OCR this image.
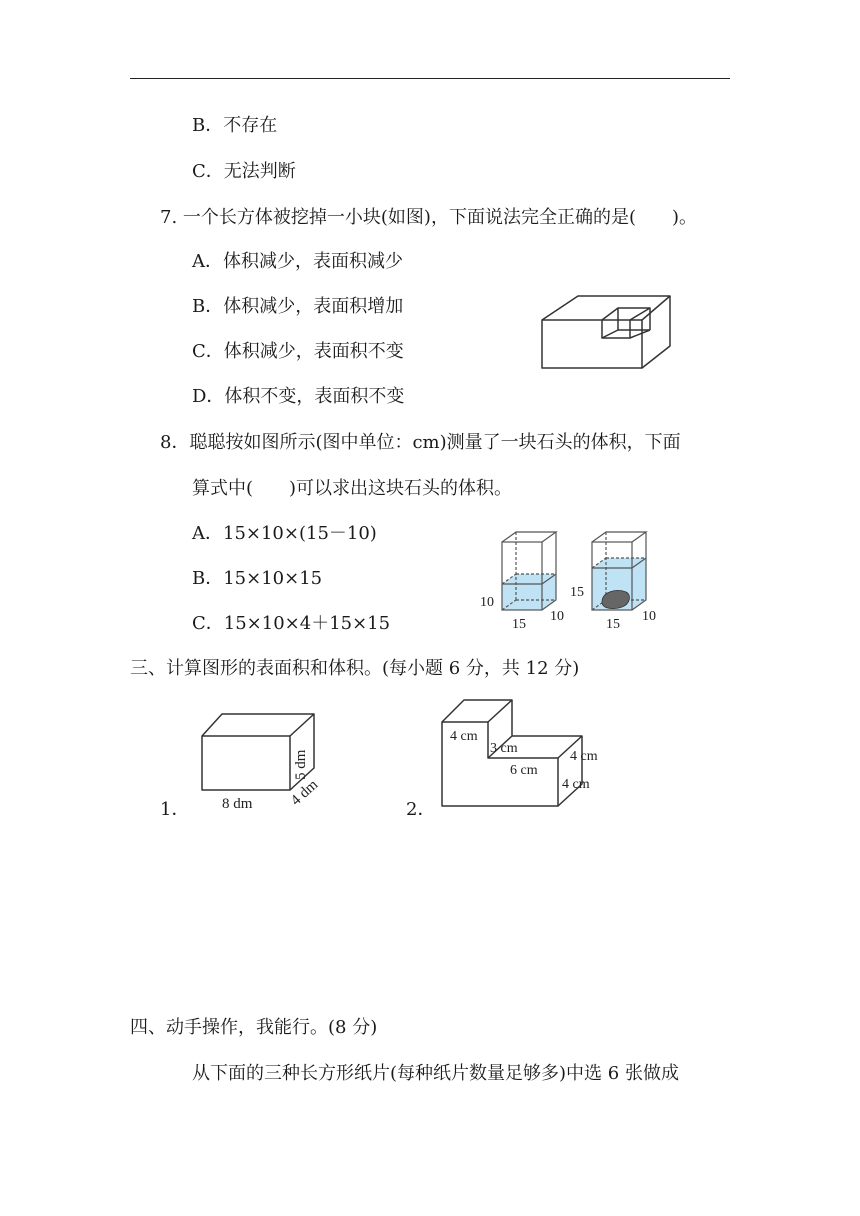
B．不存在
C．无法判断
7. 一个长方体被挖掉一小块(如图)，下面说法完全正确的是(　　)。
A．体积减少，表面积减少
B．体积减少，表面积增加
C．体积减少，表面积不变
D．体积不变，表面积不变
8．聪聪按如图所示(图中单位：cm)测量了一块石头的体积，下面
算式中(　　)可以求出这块石头的体积。
A．15×10×(15－10)
B．15×10×15
C．15×10×4＋15×15
10
15
10
15
15
10
三、计算图形的表面积和体积。(每小题 6 分，共 12 分)
1． 8 dm
5 dm
4 dm
2．
4 cm
3 cm
4 cm
6 cm
4 cm
四、动手操作，我能行。(8 分)
从下面的三种长方形纸片(每种纸片数量足够多)中选 6 张做成
